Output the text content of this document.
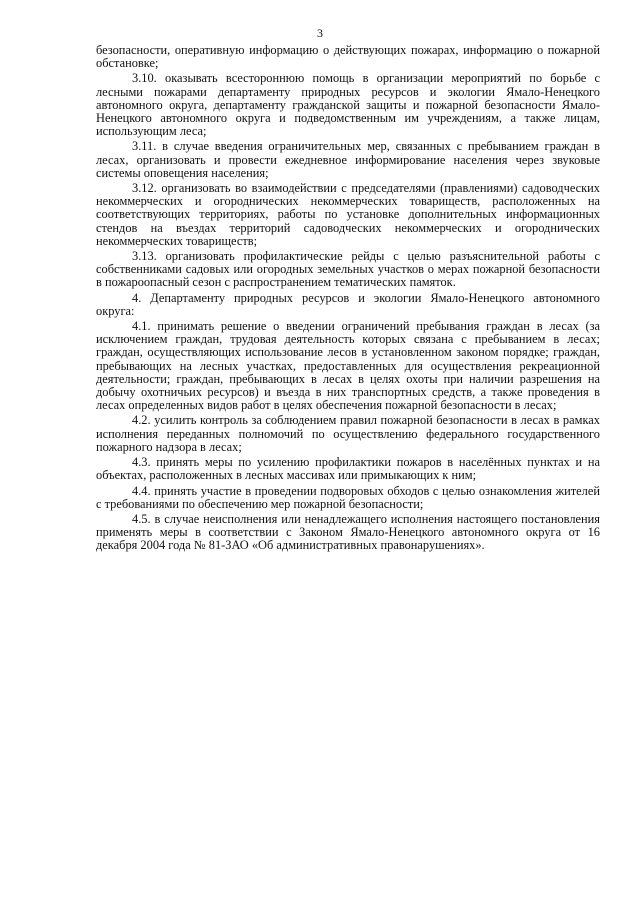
3

безопасности, оперативную информацию о действующих пожарах, информацию о пожарной обстановке;

3.10. оказывать всестороннюю помощь в организации мероприятий по борьбе с лесными пожарами департаменту природных ресурсов и экологии Ямало-Ненецкого автономного округа, департаменту гражданской защиты и пожарной безопасности Ямало-Ненецкого автономного округа и подведомственным им учреждениям, а также лицам, использующим леса;

3.11. в случае введения ограничительных мер, связанных с пребыванием граждан в лесах, организовать и провести ежедневное информирование населения через звуковые системы оповещения населения;

3.12. организовать во взаимодействии с председателями (правлениями) садоводческих некоммерческих и огороднических некоммерческих товариществ, расположенных на соответствующих территориях, работы по установке дополнительных информационных стендов на въездах территорий садоводческих некоммерческих и огороднических некоммерческих товариществ;

3.13. организовать профилактические рейды с целью разъяснительной работы с собственниками садовых или огородных земельных участков о мерах пожарной безопасности в пожароопасный сезон с распространением тематических памяток.

4. Департаменту природных ресурсов и экологии Ямало-Ненецкого автономного округа:

4.1. принимать решение о введении ограничений пребывания граждан в лесах (за исключением граждан, трудовая деятельность которых связана с пребыванием в лесах; граждан, осуществляющих использование лесов в установленном законом порядке; граждан, пребывающих на лесных участках, предоставленных для осуществления рекреационной деятельности; граждан, пребывающих в лесах в целях охоты при наличии разрешения на добычу охотничьих ресурсов) и въезда в них транспортных средств, а также проведения в лесах определенных видов работ в целях обеспечения пожарной безопасности в лесах;

4.2. усилить контроль за соблюдением правил пожарной безопасности в лесах в рамках исполнения переданных полномочий по осуществлению федерального государственного пожарного надзора в лесах;

4.3. принять меры по усилению профилактики пожаров в населённых пунктах и на объектах, расположенных в лесных массивах или примыкающих к ним;

4.4. принять участие в проведении подворовых обходов с целью ознакомления жителей с требованиями по обеспечению мер пожарной безопасности;

4.5. в случае неисполнения или ненадлежащего исполнения настоящего постановления применять меры в соответствии с Законом Ямало-Ненецкого автономного округа от 16 декабря 2004 года № 81-ЗАО «Об административных правонарушениях».
